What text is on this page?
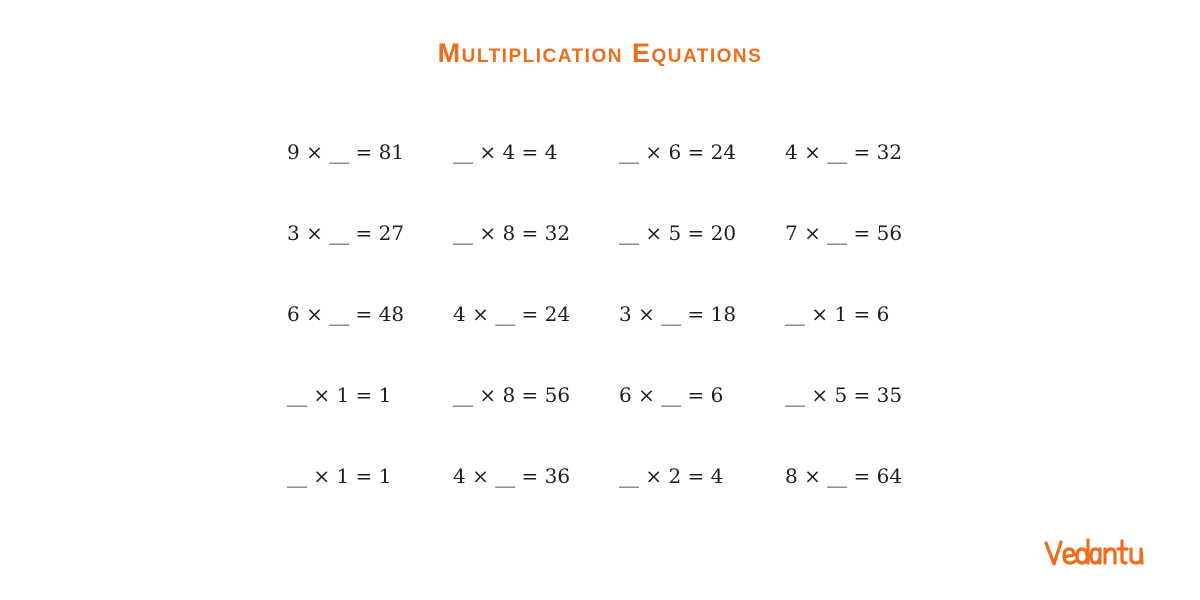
Multiplication Equations
9 × __ = 81	__ × 4 = 4	__ × 6 = 24	4 × __ = 32
3 × __ = 27	__ × 8 = 32	__ × 5 = 20	7 × __ = 56
6 × __ = 48	4 × __ = 24	3 × __ = 18	__ × 1 = 6
__ × 1 = 1	__ × 8 = 56	6 × __ = 6	__ × 5 = 35
__ × 1 = 1	4 × __ = 36	__ × 2 = 4	8 × __ = 64
